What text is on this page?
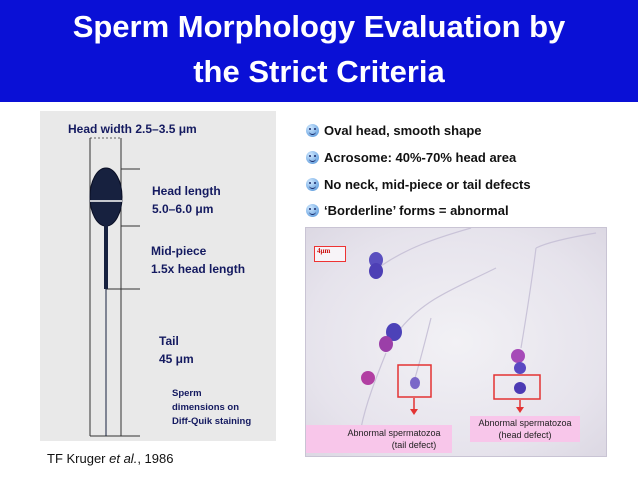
Sperm Morphology Evaluation by
the Strict Criteria
Head width 2.5–3.5 μm
Head length
5.0–6.0 μm
Mid-piece
1.5x head length
Tail
45 μm
Sperm
dimensions on
Diff-Quik staining
Oval head, smooth shape
Acrosome: 40%-70% head area
No neck, mid-piece or tail defects
‘Borderline’ forms = abnormal
4μm
Abnormal spermatozoa
(tail defect)
Abnormal spermatozoa
(head defect)
TF Kruger et al., 1986
